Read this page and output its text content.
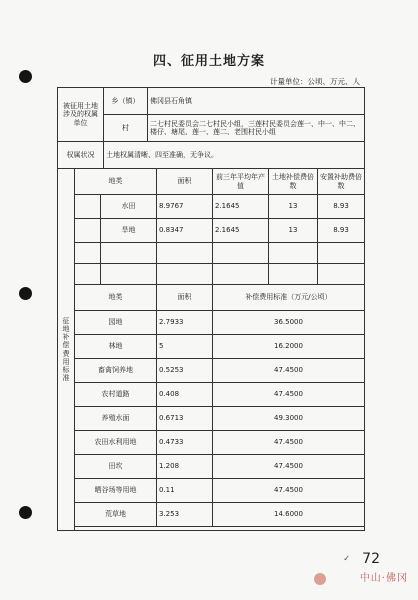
四、征用土地方案
计量单位：公顷、万元、人
被征用土地涉及的权属单位	乡（镇）	佛冈县石角镇
	村	二七村民委员会二七村民小组，三莲村民委员会莲一、中一、中二、楼仔、塘尾、莲一、莲二、老围村民小组
权属状况	土地权属清晰、四至准确，无争议。	
征地补偿费用标准	地类		面积	前三年平均年产值	土地补偿费倍数	安置补助费倍数
		水田	8.9767	2.1645	13	8.93
		旱地	0.8347	2.1645	13	8.93

	地类		面积	补偿费用标准（万元/公顷）		
	园地		2.7933	36.5000		
	林地		5	16.2000		
	畜禽饲养地		0.5253	47.4500		
	农村道路		0.408	47.4500		
	养殖水面		0.6713	49.3000		
	农田水利用地		0.4733	47.4500		
	田坎		1.208	47.4500		
	晒谷场等用地		0.11	47.4500		
	荒草地		3.253	14.6000		

✓ 72
中山·佛冈
